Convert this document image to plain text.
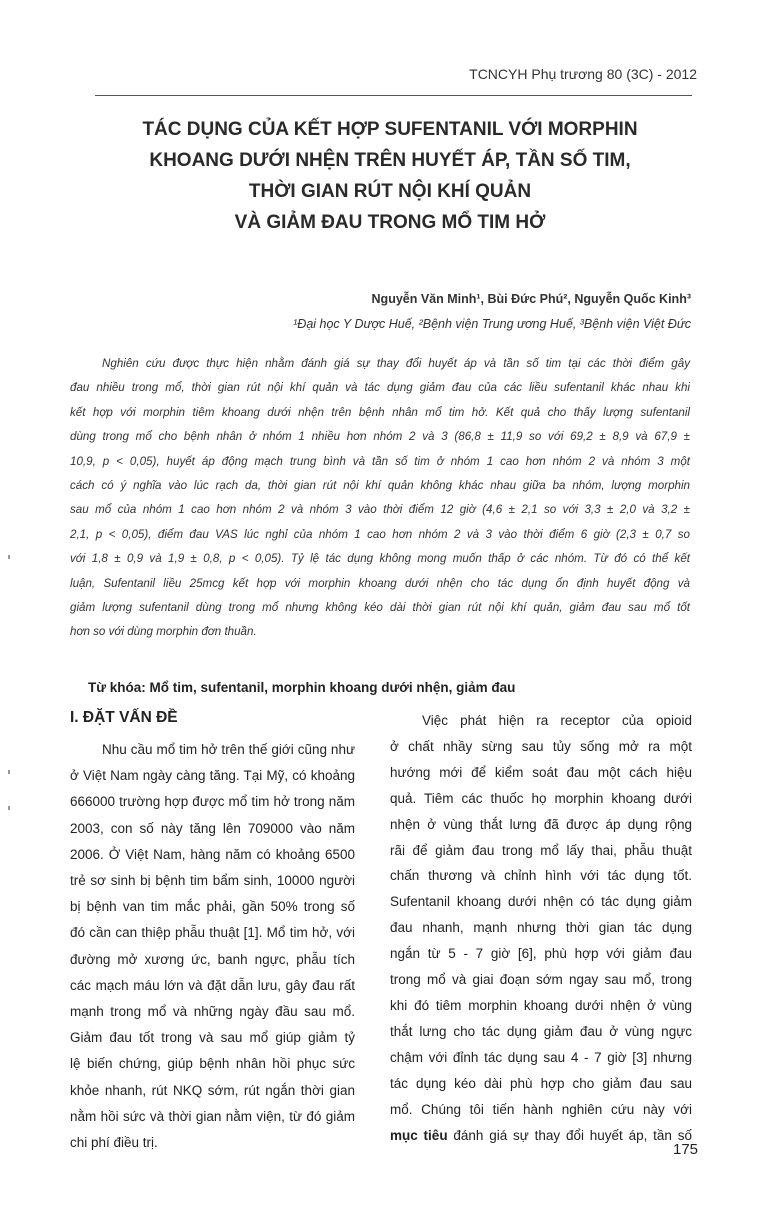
TCNCYH Phụ trương 80 (3C) - 2012
TÁC DỤNG CỦA KẾT HỢP SUFENTANIL VỚI MORPHIN
KHOANG DƯỚI NHỆN TRÊN HUYẾT ÁP, TẦN SỐ TIM,
THỜI GIAN RÚT NỘI KHÍ QUẢN
VÀ GIẢM ĐAU TRONG MỔ TIM HỞ
Nguyễn Văn Minh¹, Bùi Đức Phú², Nguyễn Quốc Kinh³
¹Đại học Y Dược Huế, ²Bệnh viện Trung ương Huế, ³Bệnh viện Việt Đức
Nghiên cứu được thực hiện nhằm đánh giá sự thay đổi huyết áp và tần số tim tại các thời điểm gây
đau nhiều trong mổ, thời gian rút nội khí quản và tác dụng giảm đau của các liều sufentanil khác nhau khi
kết hợp với morphin tiêm khoang dưới nhện trên bệnh nhân mổ tim hở. Kết quả cho thấy lượng sufentanil
dùng trong mổ cho bệnh nhân ở nhóm 1 nhiều hơn nhóm 2 và 3 (86,8 ± 11,9 so với 69,2 ± 8,9 và 67,9 ±
10,9, p < 0,05), huyết áp động mạch trung bình và tần số tim ở nhóm 1 cao hơn nhóm 2 và nhóm 3 một
cách có ý nghĩa vào lúc rạch da, thời gian rút nội khí quản không khác nhau giữa ba nhóm, lượng morphin
sau mổ của nhóm 1 cao hơn nhóm 2 và nhóm 3 vào thời điểm 12 giờ (4,6 ± 2,1 so với 3,3 ± 2,0 và 3,2 ±
2,1, p < 0,05), điểm đau VAS lúc nghỉ của nhóm 1 cao hơn nhóm 2 và 3 vào thời điểm 6 giờ (2,3 ± 0,7 so
với 1,8 ± 0,9 và 1,9 ± 0,8, p < 0,05). Tỷ lệ tác dụng không mong muốn thấp ở các nhóm. Từ đó có thể kết
luận, Sufentanil liều 25mcg kết hợp với morphin khoang dưới nhện cho tác dụng ổn định huyết động và
giảm lượng sufentanil dùng trong mổ nhưng không kéo dài thời gian rút nội khí quản, giảm đau sau mổ tốt
hơn so với dùng morphin đơn thuần.
Từ khóa: Mổ tim, sufentanil, morphin khoang dưới nhện, giảm đau
I. ĐẶT VẤN ĐỀ
Nhu cầu mổ tim hở trên thế giới cũng như
ở Việt Nam ngày càng tăng. Tại Mỹ, có khoảng
666000 trường hợp được mổ tim hở trong năm
2003, con số này tăng lên 709000 vào năm
2006. Ở Việt Nam, hàng năm có khoảng 6500
trẻ sơ sinh bị bệnh tim bẩm sinh, 10000 người
bị bệnh van tim mắc phải, gần 50% trong số
đó cần can thiệp phẫu thuật [1]. Mổ tim hở, với
đường mở xương ức, banh ngực, phẫu tích
các mạch máu lớn và đặt dẫn lưu, gây đau rất
mạnh trong mổ và những ngày đầu sau mổ.
Giảm đau tốt trong và sau mổ giúp giảm tỷ
lệ biến chứng, giúp bệnh nhân hồi phục sức
khỏe nhanh, rút NKQ sớm, rút ngắn thời gian
nằm hồi sức và thời gian nằm viện, từ đó giảm
chi phí điều trị.
Việc phát hiện ra receptor của opioid
ở chất nhầy sừng sau tủy sống mở ra một
hướng mới để kiểm soát đau một cách hiệu
quả. Tiêm các thuốc họ morphin khoang dưới
nhện ở vùng thắt lưng đã được áp dụng rộng
rãi để giảm đau trong mổ lấy thai, phẫu thuật
chấn thương và chỉnh hình với tác dụng tốt.
Sufentanil khoang dưới nhện có tác dụng giảm
đau nhanh, mạnh nhưng thời gian tác dụng
ngắn từ 5 - 7 giờ [6], phù hợp với giảm đau
trong mổ và giai đoạn sớm ngay sau mổ, trong
khi đó tiêm morphin khoang dưới nhện ở vùng
thắt lưng cho tác dụng giảm đau ở vùng ngực
chậm với đỉnh tác dụng sau 4 - 7 giờ [3] nhưng
tác dụng kéo dài phù hợp cho giảm đau sau
mổ. Chúng tôi tiến hành nghiên cứu này với
mục tiêu đánh giá sự thay đổi huyết áp, tần số
175
